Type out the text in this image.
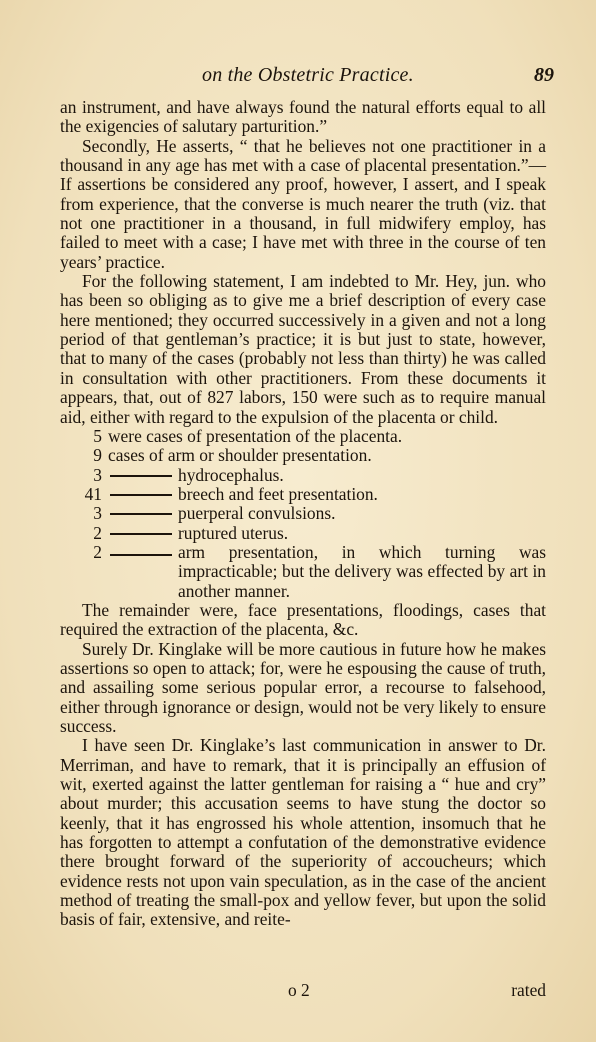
on the Obstetric Practice.	89

an instrument, and have always found the natural efforts equal to all the exigencies of salutary parturition.”

Secondly, He asserts, “ that he believes not one practitioner in a thousand in any age has met with a case of placental presentation.”—If assertions be considered any proof, however, I assert, and I speak from experience, that the converse is much nearer the truth (viz. that not one practitioner in a thousand, in full midwifery employ, has failed to meet with a case; I have met with three in the course of ten years’ practice.

For the following statement, I am indebted to Mr. Hey, jun. who has been so obliging as to give me a brief description of every case here mentioned; they occurred successively in a given and not a long period of that gentleman’s practice; it is but just to state, however, that to many of the cases (probably not less than thirty) he was called in consultation with other practitioners. From these documents it appears, that, out of 827 labors, 150 were such as to require manual aid, either with regard to the expulsion of the placenta or child.

5 were cases of presentation of the placenta.
9 cases of arm or shoulder presentation.
3	hydrocephalus.
41	breech and feet presentation.
3	puerperal convulsions.
2	ruptured uterus.
2	arm presentation, in which turning was impracticable; but the delivery was effected by art in another manner.

The remainder were, face presentations, floodings, cases that required the extraction of the placenta, &c.

Surely Dr. Kinglake will be more cautious in future how he makes assertions so open to attack; for, were he espousing the cause of truth, and assailing some serious popular error, a recourse to falsehood, either through ignorance or design, would not be very likely to ensure success.

I have seen Dr. Kinglake’s last communication in answer to Dr. Merriman, and have to remark, that it is principally an effusion of wit, exerted against the latter gentleman for raising a “ hue and cry” about murder; this accusation seems to have stung the doctor so keenly, that it has engrossed his whole attention, insomuch that he has forgotten to attempt a confutation of the demonstrative evidence there brought forward of the superiority of accoucheurs; which evidence rests not upon vain speculation, as in the case of the ancient method of treating the small-pox and yellow fever, but upon the solid basis of fair, extensive, and reite-

o 2	rated
